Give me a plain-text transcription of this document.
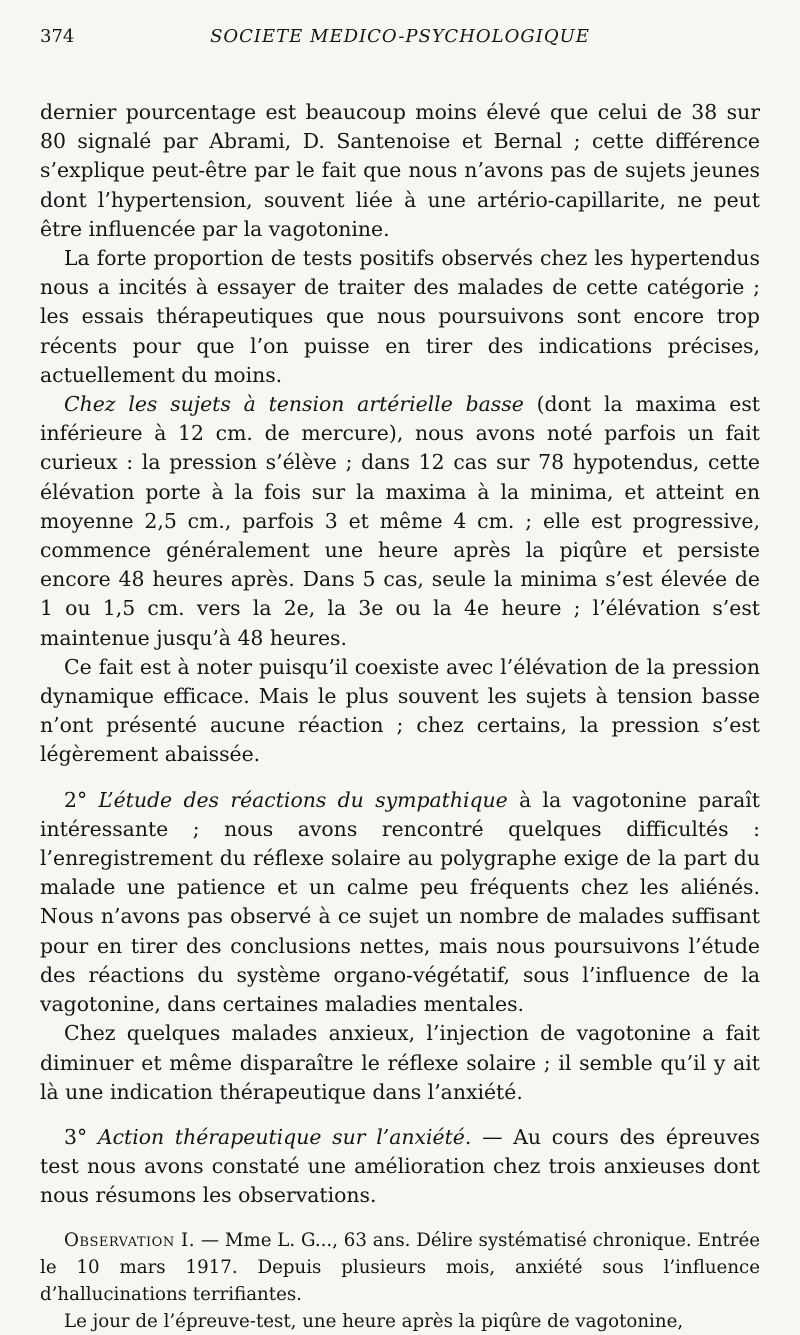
374	SOCIETE MEDICO-PSYCHOLOGIQUE

dernier pourcentage est beaucoup moins élevé que celui de 38 sur 80 signalé par Abrami, D. Santenoise et Bernal ; cette différence s’explique peut-être par le fait que nous n’avons pas de sujets jeunes dont l’hypertension, souvent liée à une artério-capillarite, ne peut être influencée par la vagotonine.

La forte proportion de tests positifs observés chez les hypertendus nous a incités à essayer de traiter des malades de cette catégorie ; les essais thérapeutiques que nous poursuivons sont encore trop récents pour que l’on puisse en tirer des indications précises, actuellement du moins.

Chez les sujets à tension artérielle basse (dont la maxima est inférieure à 12 cm. de mercure), nous avons noté parfois un fait curieux : la pression s’élève ; dans 12 cas sur 78 hypotendus, cette élévation porte à la fois sur la maxima à la minima, et atteint en moyenne 2,5 cm., parfois 3 et même 4 cm. ; elle est progressive, commence généralement une heure après la piqûre et persiste encore 48 heures après. Dans 5 cas, seule la minima s’est élevée de 1 ou 1,5 cm. vers la 2e, la 3e ou la 4e heure ; l’élévation s’est maintenue jusqu’à 48 heures.

Ce fait est à noter puisqu’il coexiste avec l’élévation de la pression dynamique efficace. Mais le plus souvent les sujets à tension basse n’ont présenté aucune réaction ; chez certains, la pression s’est légèrement abaissée.

2° L’étude des réactions du sympathique à la vagotonine paraît intéressante ; nous avons rencontré quelques difficultés : l’enregistrement du réflexe solaire au polygraphe exige de la part du malade une patience et un calme peu fréquents chez les aliénés. Nous n’avons pas observé à ce sujet un nombre de malades suffisant pour en tirer des conclusions nettes, mais nous poursuivons l’étude des réactions du système organo-végétatif, sous l’influence de la vagotonine, dans certaines maladies mentales.

Chez quelques malades anxieux, l’injection de vagotonine a fait diminuer et même disparaître le réflexe solaire ; il semble qu’il y ait là une indication thérapeutique dans l’anxiété.

3° Action thérapeutique sur l’anxiété. — Au cours des épreuves test nous avons constaté une amélioration chez trois anxieuses dont nous résumons les observations.

Observation I. — Mme L. G..., 63 ans. Délire systématisé chronique. Entrée le 10 mars 1917. Depuis plusieurs mois, anxiété sous l’influence d’hallucinations terrifiantes.

Le jour de l’épreuve-test, une heure après la piqûre de vagotonine,
